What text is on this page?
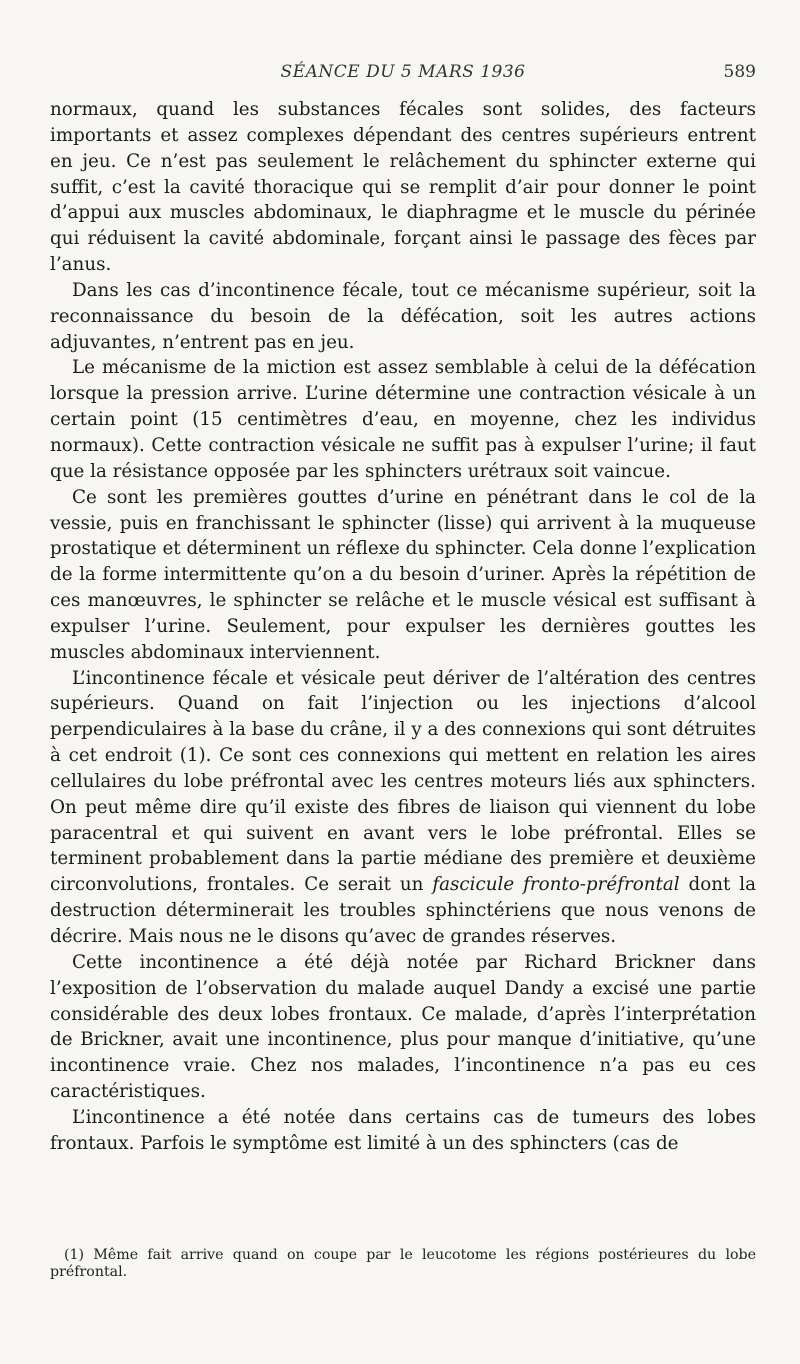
SÉANCE DU 5 MARS 1936	589

normaux, quand les substances fécales sont solides, des facteurs importants et assez complexes dépendant des centres supérieurs entrent en jeu. Ce n’est pas seulement le relâchement du sphincter externe qui suffit, c’est la cavité thoracique qui se remplit d’air pour donner le point d’appui aux muscles abdominaux, le diaphragme et le muscle du périnée qui réduisent la cavité abdominale, forçant ainsi le passage des fèces par l’anus.

Dans les cas d’incontinence fécale, tout ce mécanisme supérieur, soit la reconnaissance du besoin de la défécation, soit les autres actions adjuvantes, n’entrent pas en jeu.

Le mécanisme de la miction est assez semblable à celui de la défécation lorsque la pression arrive. L’urine détermine une contraction vésicale à un certain point (15 centimètres d’eau, en moyenne, chez les individus normaux). Cette contraction vésicale ne suffit pas à expulser l’urine; il faut que la résistance opposée par les sphincters urétraux soit vaincue.

Ce sont les premières gouttes d’urine en pénétrant dans le col de la vessie, puis en franchissant le sphincter (lisse) qui arrivent à la muqueuse prostatique et déterminent un réflexe du sphincter. Cela donne l’explication de la forme intermittente qu’on a du besoin d’uriner. Après la répétition de ces manœuvres, le sphincter se relâche et le muscle vésical est suffisant à expulser l’urine. Seulement, pour expulser les dernières gouttes les muscles abdominaux interviennent.

L’incontinence fécale et vésicale peut dériver de l’altération des centres supérieurs. Quand on fait l’injection ou les injections d’alcool perpendiculaires à la base du crâne, il y a des connexions qui sont détruites à cet endroit (1). Ce sont ces connexions qui mettent en relation les aires cellulaires du lobe préfrontal avec les centres moteurs liés aux sphincters. On peut même dire qu’il existe des fibres de liaison qui viennent du lobe paracentral et qui suivent en avant vers le lobe préfrontal. Elles se terminent probablement dans la partie médiane des première et deuxième circonvolutions, frontales. Ce serait un fascicule fronto-préfrontal dont la destruction déterminerait les troubles sphinctériens que nous venons de décrire. Mais nous ne le disons qu’avec de grandes réserves.

Cette incontinence a été déjà notée par Richard Brickner dans l’exposition de l’observation du malade auquel Dandy a excisé une partie considérable des deux lobes frontaux. Ce malade, d’après l’interprétation de Brickner, avait une incontinence, plus pour manque d’initiative, qu’une incontinence vraie. Chez nos malades, l’incontinence n’a pas eu ces caractéristiques.

L’incontinence a été notée dans certains cas de tumeurs des lobes frontaux. Parfois le symptôme est limité à un des sphincters (cas de

(1) Même fait arrive quand on coupe par le leucotome les régions postérieures du lobe préfrontal.
